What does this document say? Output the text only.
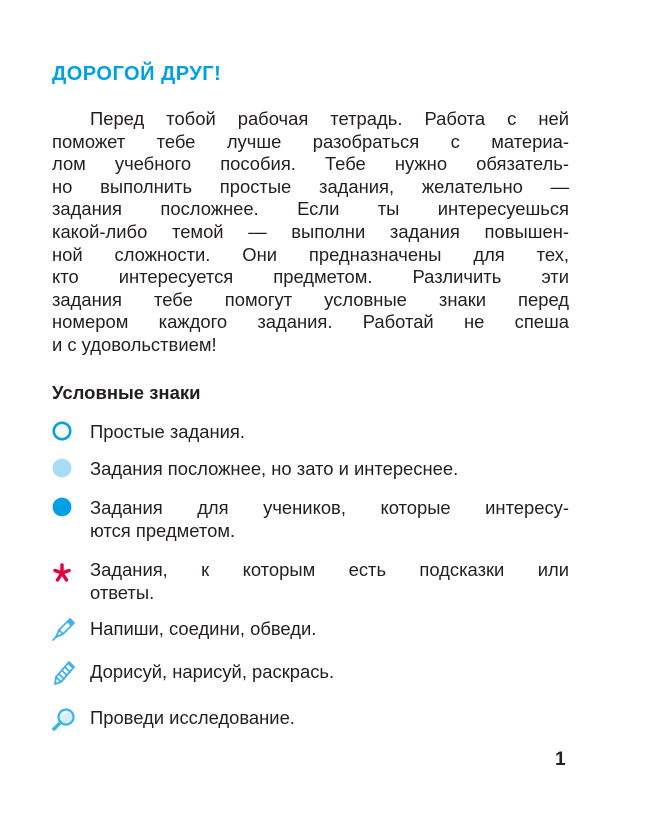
ДОРОГОЙ ДРУГ!
Перед тобой рабочая тетрадь. Работа с ней
поможет тебе лучше разобраться с материа-
лом учебного пособия. Тебе нужно обязатель-
но выполнить простые задания, желательно —
задания посложнее. Если ты интересуешься
какой-либо темой — выполни задания повышен-
ной сложности. Они предназначены для тех,
кто интересуется предметом. Различить эти
задания тебе помогут условные знаки перед
номером каждого задания. Работай не спеша
и с удовольствием!
Условные знаки
Простые задания.
Задания посложнее, но зато и интереснее.
Задания для учеников, которые интересу-
ются предметом.
Задания, к которым есть подсказки или
ответы.
Напиши, соедини, обведи.
Дорисуй, нарисуй, раскрась.
Проведи исследование.
1
